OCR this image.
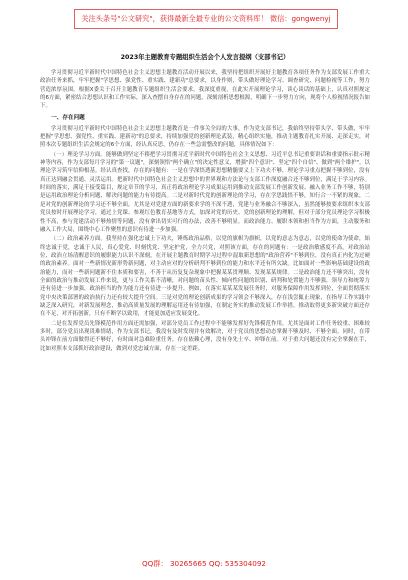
关注头条号"公文研究"，获得最新全最专业的公文资料库！ 微信：gongwenyj
2023年主题教育专题组织生活会个人发言提纲（支部书记）
学习贯彻习近平新时代中国特色社会主义思想主题教育活动开展以来，我坚持把组织开展好主题教育各项任务作为支部发展工作重大政治任务来抓，牢牢把握"学思想、强党性、重实践、建新功"总要求，以身作则，带头做好理论学习、调查研究、问题检视等工作，努力营造浓厚氛围。根据X委关于召开主题教育专题组织生活会要求，我深度重视，在此实开展理论学习，谈心谈话的基础上，认真对照规定的6方面，紧密结合思想认识和工作实际，深入查摆自身存在的问题，深刻剖析思想根源，明确下一步努力方向，现将个人检视情况报告如下。
一、存在问题
学习贯彻习近平新时代中国特色社会主义思想主题教育是一件事关全局的大事，作为党支部书记，我始终坚持带头学、带头做，牢牢把握"学思想、强党性、重实践、建新功"的总要求，持续加强党的创新理论武装，精心组织实施，推动主题教育扎实开展、走深走实，对照本次专题组织生活会规定的6个方面，经认真反思，仍存在一些急需整改的问题，具体情况如下：
（一）理论学习方面。能够做到坚定不移把学习贯彻习近平新时代中国特色社会主义思想、习近平总书记重要讲话和重要指示批示精神等内容，作为支部每月学习的"第一议题"，深刻领悟"两个确立"的决定性意义，增强"四个意识"、坚定"四个自信"、做到"两个维护"，以理论学习筑牢信仰根基。经认真查找，存在的问题有：一是在学深悟透新思想精髓要义上下功夫不够，理论学习重点把握不够到位，没有真正达到融会贯通、灵活运用。把新时代中国特色社会主义思想中的世界观和方法论与支部工作深度融合还不够到位，满足于学习内容。时间的落实，满足于接受篇目，规定章节的学习，真正将政治理论学习成果运用到推动支部发展工作创新发展、融入业务工作不够，特别是运用政治理论分析问题、解决问题的能力有待提高。二是对新时代党的创新理论的学习，存在学思践悟不够，知行合一不紧的现象，二是对党的创新理论的学习还不够全面，尤其是对党建方面的新要求学的不深不透，党建与业务融合不够深入，虽然能够按要求组织本支部党员按时开展理论学习，通过上党课、参观红色教育基地等方式，加深对党的历史、党的创新理论的理解，但对于部分党员理论学习积极性不高，参与党建活动不够热情等问题，没有拿出切实可行的办法，改善不够明显。而政治能力、履职本领和担当作为方面，主动服务和融入工作大局，围绕中心工作聚焦的意识有待进一步加强。
（二）政治素养方面。我坚持在强化忠诚上下功夫，锤炼政治品格，以党的旗帜为旗帜，以党的意志为意志，以党的使命为使命，始终忠诚于党，忠诚于人民，真心爱党、时刻忧党、坚定护党，全力兴党，对照该方面，存在的问题有：一是政治敏感度不高，对政治站位、政治立场清醒意识的履职能力认识不深刻，在开展主题教育时期学习过程中混取新思想的"政治营养"不够到位，没有真正内化为过硬的政治素养。面对一些新情况新形势新问题，对主动应对的分析研判不够到位的能力和水平还有所欠缺。比如面对一些影响基础建设的政治能力，而对一些新问题新不住本质和要害，不善于从历复复杂现象中把握某某贯理顺、发现某某规律。二是政治能力还不够突出，没有全面的政治与推动发展工作来说，更与工作关系不清晰，对问题的苗头性、倾向性问题的识别、研判和处置能力不够强，领导力和统筹力还有待进一步加强，政治担当的作为能力还有待进一步提升。例如，在落实某某某发展任务时，对服务保障作用发挥到位，全面贯彻落实党中央决策部署的政治执行力还有较大提升空间。三是对党的理论创新成果的学习领会不够深入，存在浅尝辄止现象，在指导工作实践中缺乏深入研究，对新发展理念，推动高质量发展的理解运用还有待加强，在制定务实的推动发展工作举措，推动取得更多新突破方面还存在不足，对开拓创新，只有不断学以致用，才能更加适应发展变化。
二是在发挥党员先锋模范作用方面还需加强，对部分党员工作过程中不能够发挥好先锋模范作用，尤其是面对工作任务较重、困难较多时，部分党员出现畏难情绪，作为支部书记，我没有及时发现并有效解决，对于党员的思想动态掌握不够及时、不够全面。同时，在带头冲锋在前方面做得还不够好，有时面对急难险重任务，存在依赖心理，没有身先士卒、冲锋在前。对于重大问题还没有完全掌握在手，比如对照本支部抓好政治建设，做到对党忠诚方面，存在一定差距。
QQ群： 30265665 QQ: 535304092
